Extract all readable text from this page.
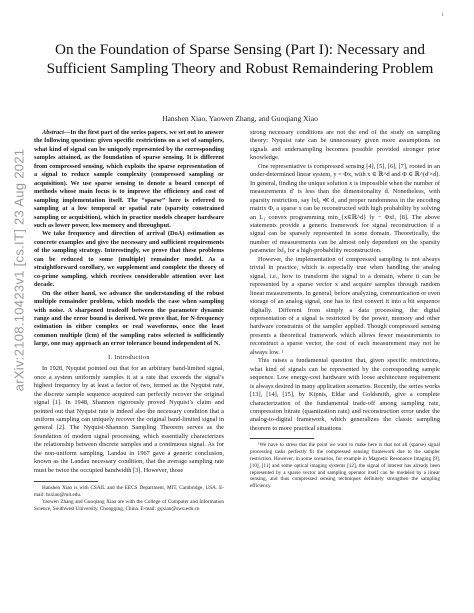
1
arXiv:2108.10423v1 [cs.IT] 23 Aug 2021
On the Foundation of Sparse Sensing (Part I): Necessary and Sufficient Sampling Theory and Robust Remaindering Problem
Hanshen Xiao, Yaowen Zhang, and Guoqiang Xiao

Abstract—In the first part of the series papers, we set out to answer the following question: given specific restrictions on a set of samplers, what kind of signal can be uniquely represented by the corresponding samples attained, as the foundation of sparse sensing. It is different from compressed sensing, which exploits the sparse representation of a signal to reduce sample complexity (compressed sampling or acquisition). We use sparse sensing to denote a board concept of methods whose main focus is to improve the efficiency and cost of sampling implementation itself. The “sparse” here is referred to sampling at a low temporal or spatial rate (sparsity constrained sampling or acquisition), which in practice models cheaper hardware such as lower power, less memory and throughput.

We take frequency and direction of arrival (DoA) estimation as concrete examples and give the necessary and sufficient requirements of the sampling strategy. Interestingly, we prove that these problems can be reduced to some (multiple) remainder model. As a straightforward corollary, we supplement and complete the theory of co-prime sampling, which receives considerable attention over last decade.

On the other hand, we advance the understanding of the robust multiple remainder problem, which models the case when sampling with noise. A sharpened tradeoff between the parameter dynamic range and the error bound is derived. We prove that, for N-frequency estimation in either complex or real waveforms, once the least common multiple (lcm) of the sampling rates selected is sufficiently large, one may approach an error tolerance bound independent of N.

I. Introduction

In 1928, Nyquist pointed out that for an arbitrary band-limited signal, once a system uniformly samples it at a rate that exceeds the signal’s highest frequency by at least a factor of two, termed as the Nyquist rate, the discrete sample sequence acquired can perfectly recover the original signal [1]. In 1948, Shannon rigorously proved Nyquist’s claim and pointed out that Nyquist rate is indeed also the necessary condition that a uniform sampling can uniquely recover the original band-limited signal in general [2]. The Nyquist-Shannon Sampling Theorem serves as the foundation of modern signal processing, which essentially characterizes the relationship between discrete samples and a continuous signal. As for the non-uniform sampling, Landau in 1967 gave a generic conclusion, known as the Landau necessary condition, that the average sampling rate must be twice the occupied bandwidth [3]. However, those

Hanshen Xiao is with CSAIL and the EECS Department, MIT, Cambridge, USA. E-mail: hsxiao@mit.edu.

Yaowen Zhang and Guoqiang Xiao are with the College of Computer and Information Science, Southwest University, Chongqing, China. E-mail: gqxiao@swu.edu.cn

strong necessary conditions are not the end of the study on sampling theory: Nyquist rate can be unnecessary given more assumptions on signals and undersampling becomes possible provided stronger prior knowledge.

One representative is compressed sensing [4], [5], [6], [7], rooted in an under-determined linear system, y = Φx, with x ∈ ℝ^d and Φ ∈ ℝ^(d′×d). In general, finding the unique solution x is impossible when the number of measurements d′ is less than the dimensionality d. Nonetheless, with sparsity restriction, say ‖x‖₀ ≪ d, and proper randomness in the encoding matrix Φ, a sparse x can be reconstructed with high probability by solving an L₁ convex programming min_{x∈ℝ^d} ‖y − Φx‖₁ [8]. The above statements provide a generic framework for signal reconstruction if a signal can be sparsely represented in some domain. Theoretically, the number of measurements can be almost only dependent on the sparsity parameter ‖x‖₀ for a high-probability reconstruction.

However, the implementation of compressed sampling is not always trivial in practice, which is especially true when handling the analog signal, i.e., how to transform the signal to a domain, where it can be represented by a sparse vector x and acquire samples through random linear measurements. In general, before analyzing, communication or even storage of an analog signal, one has to first convert it into a bit sequence digitally. Different from simply a data processing, the digital representation of a signal is restricted by the power, memory and other hardware constraints of the sampler applied. Though compressed sensing presents a theoretical framework which allows fewer measurements to reconstruct a sparse vector, the cost of each measurement may not be always low. ¹

This raises a fundamental question that, given specific restrictions, what kind of signals can be represented by the corresponding sample sequence. Low energy-cost hardware with loose architecture requirement is always desired in many application scenarios. Recently, the series works [13], [14], [15], by Kipnis, Eldar and Goldsmith, give a complete characterization of the fundamental trade-off among sampling rate, compression bitrate (quantization rate) and reconstruction error under the analog-to-digital framework, which generalizes the classic sampling theorem to more practical situations.

¹We have to stress that the point we want to make here is that not all (sparse) signal processing tasks perfectly fit the compressed sensing framework due to the sampler restriction. However, in some scenarios, for example in Magnetic Resonance Imaging [9], [10], [11] and some optical imaging systems [12], the signal of interest has already been represented by a sparse vector and sampling operator itself can be modeled by a linear sensing, and thus compressed sensing techniques definitely strengthen the sampling efficiency.
